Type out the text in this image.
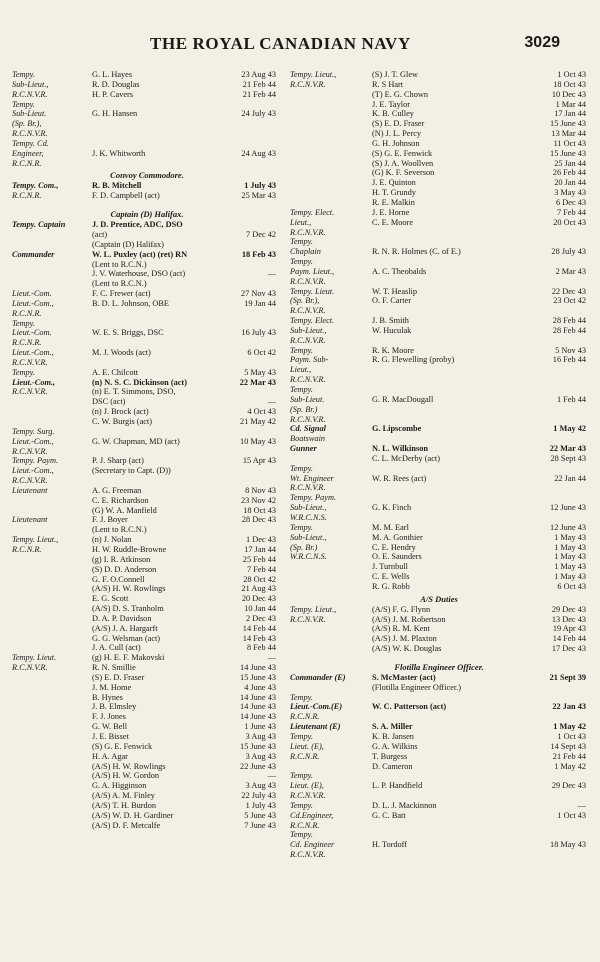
THE ROYAL CANADIAN NAVY	3029
Tempy.	G. L. Hayes	23 Aug 43
Sub-Lieut.,	R. D. Douglas	21 Feb 44
R.C.N.V.R.	H. P. Cavers	21 Feb 44
Tempy.
Sub-Lieut.	G. H. Hansen	24 July 43
(Sp. Br.),
R.C.N.V.R.
Tempy. Cd.
Engineer,	J. K. Whitworth	24 Aug 43
R.C.N.R.
Convoy Commodore.
Tempy. Com.,	R. B. Mitchell	1 July 43
R.C.N.R.	F. D. Campbell (act)	25 Mar 43
Captain (D) Halifax.
Tempy. Captain	J. D. Prentice, ADC, DSO
(act)	7 Dec 42
(Captain (D) Halifax)
Commander	W. L. Puxley (act) (ret) RN	18 Feb 43
(Lent to R.C.N.)
J. V. Waterhouse, DSO (act)	—
(Lent to R.C.N.)
Lieut.-Com.	F. C. Frewer (act)	27 Nov 43
Lieut.-Com.,	B. D. L. Johnson, OBE	19 Jan 44
R.C.N.R.
Tempy.
Lieut.-Com.	W. E. S. Briggs, DSC	16 July 43
R.C.N.R.
Lieut.-Com.,	M. J. Woods (act)	6 Oct 42
R.C.N.V.R.
Tempy.	A. E. Chilcott	5 May 43
Lieut.-Com.,	(n) N. S. C. Dickinson (act)	22 Mar 43
R.C.N.V.R.	(n) E. T. Simmons, DSO,
DSC (act)	—
(n) J. Brock (act)	4 Oct 43
C. W. Burgis (act)	21 May 42
Tempy. Surg.
Lieut.-Com.,	G. W. Chapman, MD (act)	10 May 43
R.C.N.V.R.
Tempy. Paym.	P. J. Sharp (act)	15 Apr 43
Lieut.-Com.,	(Secretary to Capt. (D))
R.C.N.V.R.
Lieutenant	A. G. Freeman	8 Nov 43
C. E. Richardson	23 Nov 42
(G) W. A. Manfield	18 Oct 43
Lieutenant	F. J. Boyer	28 Dec 43
(Lent to R.C.N.)
Tempy. Lieut.,	(n) J. Nolan	1 Dec 43
R.C.N.R.	H. W. Ruddle-Browne	17 Jan 44
(g) I. R. Atkinson	25 Feb 44
(S) D. D. Anderson	7 Feb 44
G. F. O.Connell	28 Oct 42
(A/S) H. W. Rowlings	21 Aug 43
E. G. Scott	20 Dec 43
(A/S) D. S. Tranholm	10 Jan 44
D. A. P. Davidson	2 Dec 43
(A/S) J. A. Hargarft	14 Feb 44
G. G. Welsman (act)	14 Feb 43
J. A. Cull (act)	8 Feb 44
Tempy. Lieut.	(g) H. E. F. Makovski	—
R.C.N.V.R.	R. N. Smillie	14 June 43
(S) E. D. Fraser	15 June 43
J. M. Home	4 June 43
B. Hynes	14 June 43
J. B. Elmsley	14 June 43
F. J. Jones	14 June 43
G. W. Bell	1 June 43
J. E. Bisset	3 Aug 43
(S) G. E. Fenwick	15 June 43
H. A. Agar	3 Aug 43
(A/S) H. W. Rowlings	22 June 43
(A/S) H. W. Gordon	—
G. A. Higginson	3 Aug 43
(A/S) A. M. Finley	22 July 43
(A/S) T. H. Burdon	1 July 43
(A/S) W. D. H. Gardiner	5 June 43
(A/S) D. F. Metcalfe	7 June 43
Tempy. Lieut.,	(S) J. T. Glew	1 Oct 43
R.C.N.V.R.	R. S Hart	18 Oct 43
(T) E. G. Chown	10 Dec 43
J. E. Taylor	1 Mar 44
K. B. Culley	17 Jan 44
(S) E. D. Fraser	15 June 43
(N) J. L. Percy	13 Mar 44
G. H. Johnson	11 Oct 43
(S) G. E. Fenwick	15 June 43
(S) J. A. Woollven	25 Jan 44
(G) K. F. Severson	26 Feb 44
J. E. Quinton	20 Jan 44
H. T. Grundy	3 May 43
R. E. Malkin	6 Dec 43
Tempy. Elect.	J. E. Horne	7 Feb 44
Lieut.,	C. E. Moore	20 Oct 43
R.C.N.V.R.
Tempy.
Chaplain	R. N. R. Holmes (C. of E.)	28 July 43
Tempy.
Paym. Lieut.,	A. C. Theobalds	2 Mar 43
R.C.N.V.R.
Tempy. Lieut.	W. T. Heaslip	22 Dec 43
(Sp. Br.),	O. F. Carter	23 Oct 42
R.C.N.V.R.
Tempy. Elect.	J. B. Smith	28 Feb 44
Sub-Lieut.,	W. Huculak	28 Feb 44
R.C.N.V.R.
Tempy.	R. K. Moore	5 Nov 43
Paym. Sub-	R. G. Flewelling (proby)	16 Feb 44
Lieut.,
R.C.N.V.R.
Tempy.
Sub-Lieut.	G. R. MacDougall	1 Feb 44
(Sp. Br.)
R.C.N.V.R.
Cd. Signal	G. Lipscombe	1 May 42
Boatswain
Gunner	N. L. Wilkinson	22 Mar 43
C. L. McDerby (act)	28 Sept 43
Tempy.
Wt. Engineer	W. R. Rees (act)	22 Jan 44
R.C.N.V.R.
Tempy. Paym.
Sub-Lieut.,	G. K. Finch	12 June 43
W.R.C.N.S.
Tempy.	M. M. Earl	12 June 43
Sub-Lieut.,	M. A. Gonthier	1 May 43
(Sp. Br.)	C. E. Hendry	1 May 43
W.R.C.N.S.	O. E. Saunders	1 May 43
J. Turnbull	1 May 43
C. E. Wells	1 May 43
R. G. Robb	6 Oct 43
A/S Duties
Tempy. Lieut.,	(A/S) F. G. Flynn	29 Dec 43
R.C.N.V.R.	(A/S) J. M. Robertson	13 Dec 43
(A/S) R. M. Kent	19 Apr 43
(A/S) J. M. Plaxton	14 Feb 44
(A/S) W. K. Douglas	17 Dec 43
Flotilla Engineer Officer.
Commander (E)	S. McMaster (act)	21 Sept 39
(Flotilla Engineer Officer.)
Tempy.
Lieut.-Com.(E)	W. C. Patterson (act)	22 Jan 43
R.C.N.R.
Lieutenant (E)	S. A. Miller	1 May 42
Tempy.	K. B. Jansen	1 Oct 43
Lieut. (E),	G. A. Wilkins	14 Sept 43
R.C.N.R.	T. Burgess	21 Feb 44
D. Cameron	1 May 42
Tempy.
Lieut. (E),	L. P. Handfield	29 Dec 43
R.C.N.V.R.
Tempy.	D. L. J. Mackinnon	—
Cd.Engineer,	G. C. Batt	1 Oct 43
R.C.N.R.
Tempy.
Cd. Engineer	H. Tordoff	18 May 43
R.C.N.V.R.
